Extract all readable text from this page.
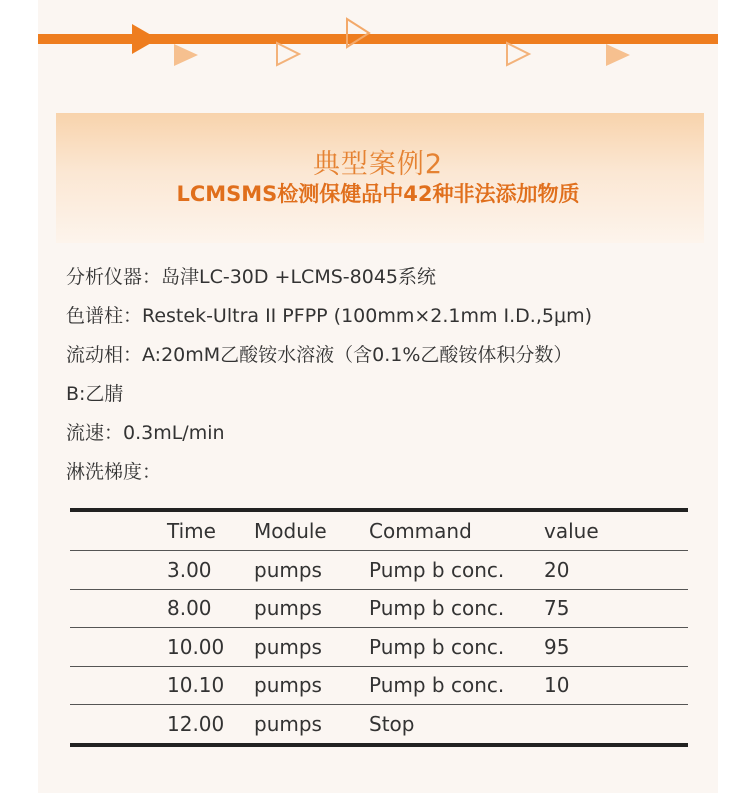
典型案例2
LCMSMS检测保健品中42种非法添加物质
分析仪器：岛津LC-30D +LCMS-8045系统
色谱柱：Restek-Ultra II PFPP (100mm×2.1mm I.D.,5μm)
流动相：A:20mM乙酸铵水溶液（含0.1%乙酸铵体积分数）
B:乙腈
流速：0.3mL/min
淋洗梯度：
	Time	Module	Command	value
	3.00	pumps	Pump b conc.	20
	8.00	pumps	Pump b conc.	75
	10.00	pumps	Pump b conc.	95
	10.10	pumps	Pump b conc.	10
	12.00	pumps	Stop	
